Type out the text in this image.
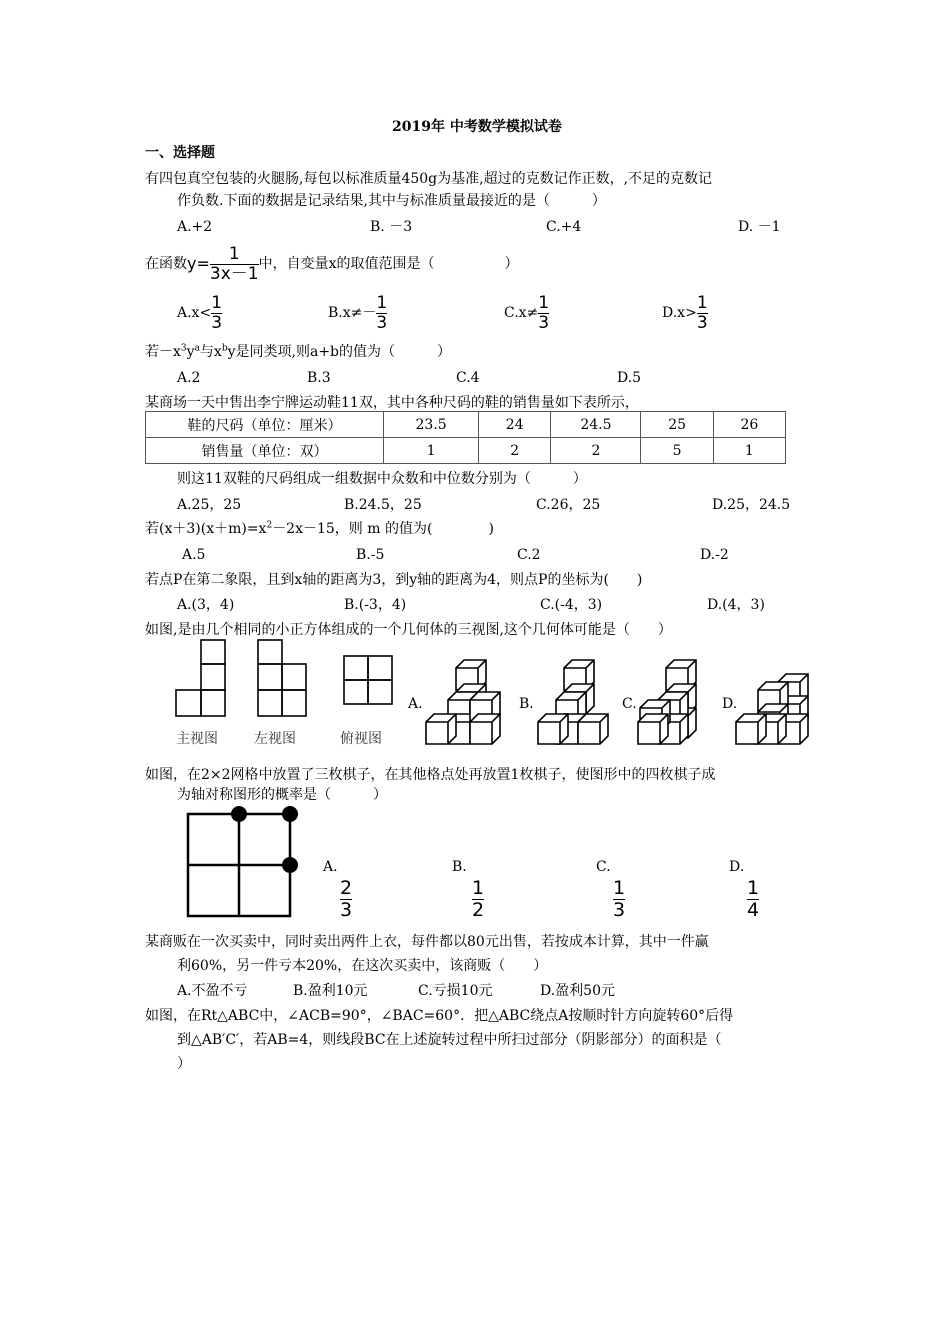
2019年 中考数学模拟试卷
一、选择题
有四包真空包装的火腿肠,每包以标准质量450g为基准,超过的克数记作正数，,不足的克数记
作负数.下面的数据是记录结果,其中与标准质量最接近的是（　　　）
A.+2	B. －3	C.+4	D. －1
在函数$y= \frac{1}{3x-1}$ 中，自变量x的取值范围是（　　　　　）
$A.x< \frac{1}{3}$	$B.x\ne- \frac{1}{3}$	$C.x\ne \frac{1}{3}$	$D.x> \frac{1}{3}$
若$-x^3y^a$与$x^by$是同类项,则a+b的值为（　　　）
A.2	B.3	C.4	D.5
某商场一天中售出李宁牌运动鞋11双，其中各种尺码的鞋的销售量如下表所示，
鞋的尺码（单位：厘米）	23.5	24	24.5	25	26
销售量（单位：双）	1	2	2	5	1
则这11双鞋的尺码组成一组数据中众数和中位数分别为（　　　）
A.25，25	B.24.5，25	C.26，25	D.25，24.5
若$(x+3)(x+m)=x^2-2x-15$，则 m 的值为(　　　　)
A.5	B.-5	C.2	D.-2
若点P在第二象限，且到x轴的距离为3，到y轴的距离为4，则点P的坐标为(　　)
A.(3，4)	B.(-3，4)	C.(-4，3)	D.(4，3)
如图,是由几个相同的小正方体组成的一个几何体的三视图,这个几何体可能是（　　）
主视图	左视图	俯视图
A.	B.	C.	D.
如图，在2×2网格中放置了三枚棋子，在其他格点处再放置1枚棋子，使图形中的四枚棋子成
为轴对称图形的概率是（　　　）
A.	B.	C.	D.
$\frac{2}{3}$	$\frac{1}{2}$	$\frac{1}{3}$	$\frac{1}{4}$
某商贩在一次买卖中，同时卖出两件上衣，每件都以80元出售，若按成本计算，其中一件赢
利60%，另一件亏本20%，在这次买卖中，该商贩（　　）
A.不盈不亏	B.盈利10元	C.亏损10元	D.盈利50元
如图，在Rt△ABC中，∠ACB=90°，∠BAC=60°．把△ABC绕点A按顺时针方向旋转60°后得
到△AB′C′，若AB=4，则线段BC在上述旋转过程中所扫过部分（阴影部分）的面积是（
）
